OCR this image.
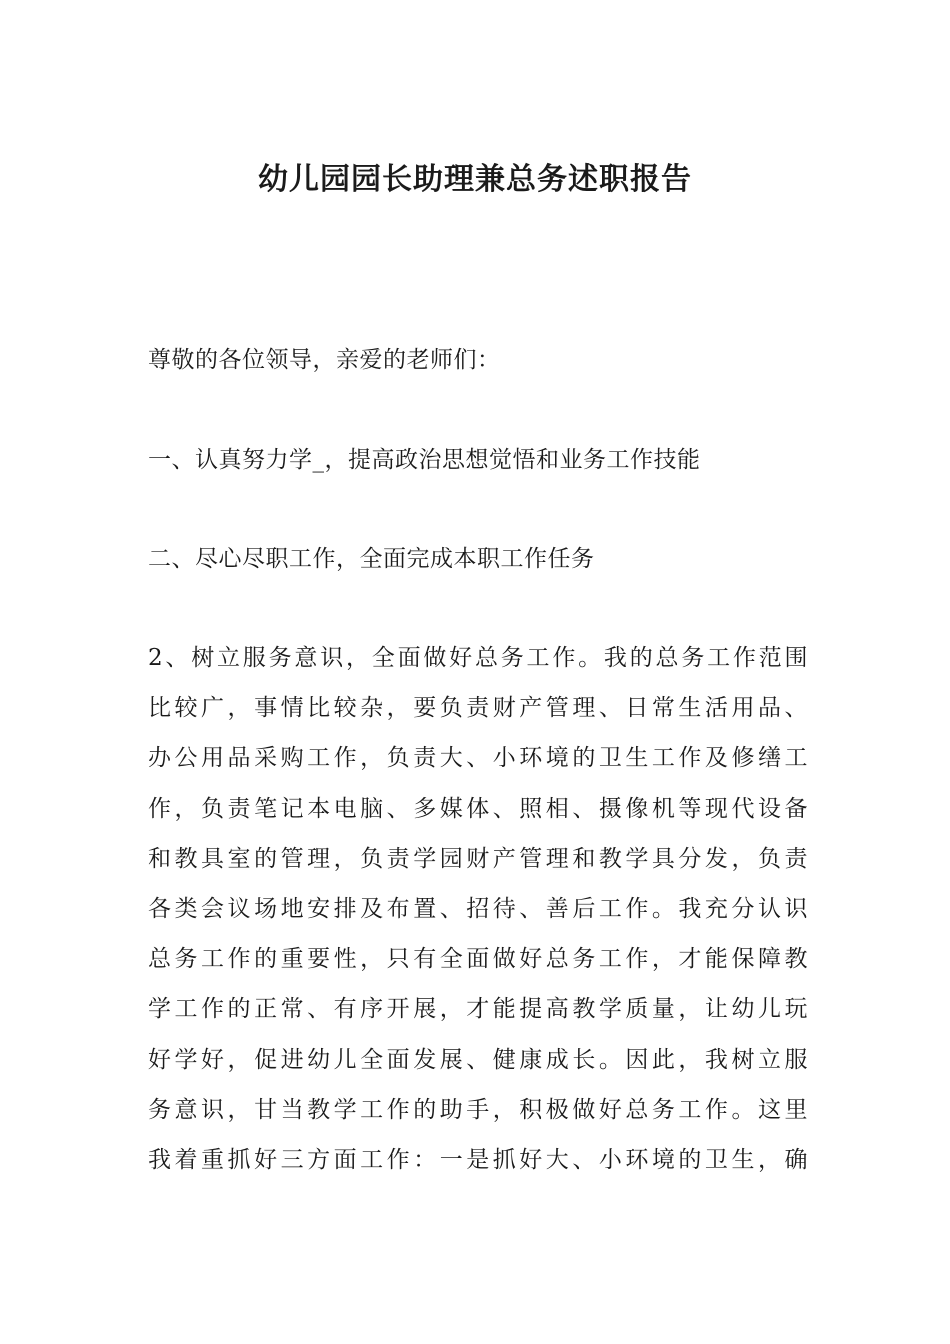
幼儿园园长助理兼总务述职报告

尊敬的各位领导，亲爱的老师们：

一、认真努力学_，提高政治思想觉悟和业务工作技能

二、尽心尽职工作，全面完成本职工作任务

2、树立服务意识，全面做好总务工作。我的总务工作范围
比较广，事情比较杂，要负责财产管理、日常生活用品、
办公用品采购工作，负责大、小环境的卫生工作及修缮工
作，负责笔记本电脑、多媒体、照相、摄像机等现代设备
和教具室的管理，负责学园财产管理和教学具分发，负责
各类会议场地安排及布置、招待、善后工作。我充分认识
总务工作的重要性，只有全面做好总务工作，才能保障教
学工作的正常、有序开展，才能提高教学质量，让幼儿玩
好学好，促进幼儿全面发展、健康成长。因此，我树立服
务意识，甘当教学工作的助手，积极做好总务工作。这里
我着重抓好三方面工作：一是抓好大、小环境的卫生，确
